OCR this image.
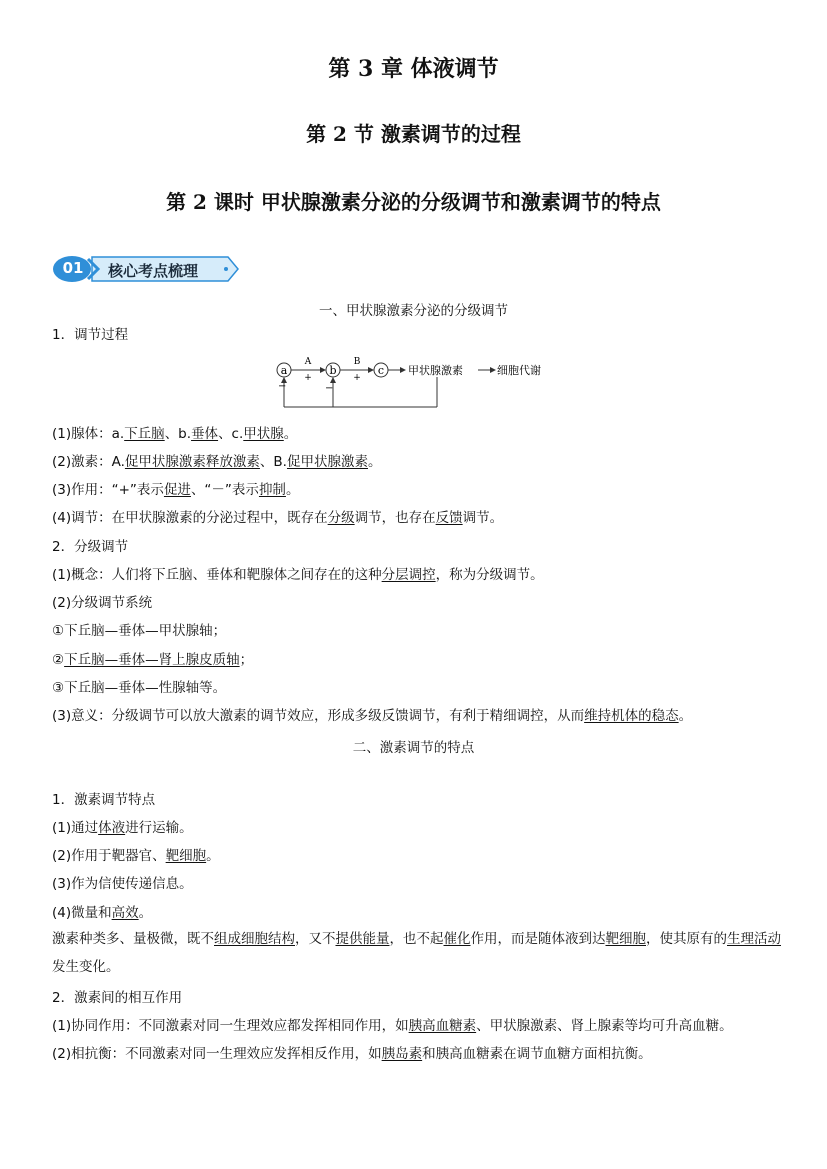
第 3 章 体液调节
第 2 节 激素调节的过程
第 2 课时 甲状腺激素分泌的分级调节和激素调节的特点
01	核心考点梳理
一、甲状腺激素分泌的分级调节
1．调节过程
a
A
+
b
B
+
c 甲状腺激素	细胞代谢
−	−
(1)腺体：a.下丘脑、b.垂体、c.甲状腺。
(2)激素：A.促甲状腺激素释放激素、B.促甲状腺激素。
(3)作用：“+”表示促进、“－”表示抑制。
(4)调节：在甲状腺激素的分泌过程中，既存在分级调节，也存在反馈调节。
2．分级调节
(1)概念：人们将下丘脑、垂体和靶腺体之间存在的这种分层调控，称为分级调节。
(2)分级调节系统
①下丘脑—垂体—甲状腺轴；
②下丘脑—垂体—肾上腺皮质轴；
③下丘脑—垂体—性腺轴等。
(3)意义：分级调节可以放大激素的调节效应，形成多级反馈调节，有利于精细调控，从而维持机体的稳态。
二、激素调节的特点
1．激素调节特点
(1)通过体液进行运输。
(2)作用于靶器官、靶细胞。
(3)作为信使传递信息。
(4)微量和高效。
激素种类多、量极微，既不组成细胞结构，又不提供能量，也不起催化作用，而是随体液到达靶细胞，使其原有的生理活动发生变化。
2．激素间的相互作用
(1)协同作用：不同激素对同一生理效应都发挥相同作用，如胰高血糖素、甲状腺激素、肾上腺素等均可升高血糖。
(2)相抗衡：不同激素对同一生理效应发挥相反作用，如胰岛素和胰高血糖素在调节血糖方面相抗衡。
